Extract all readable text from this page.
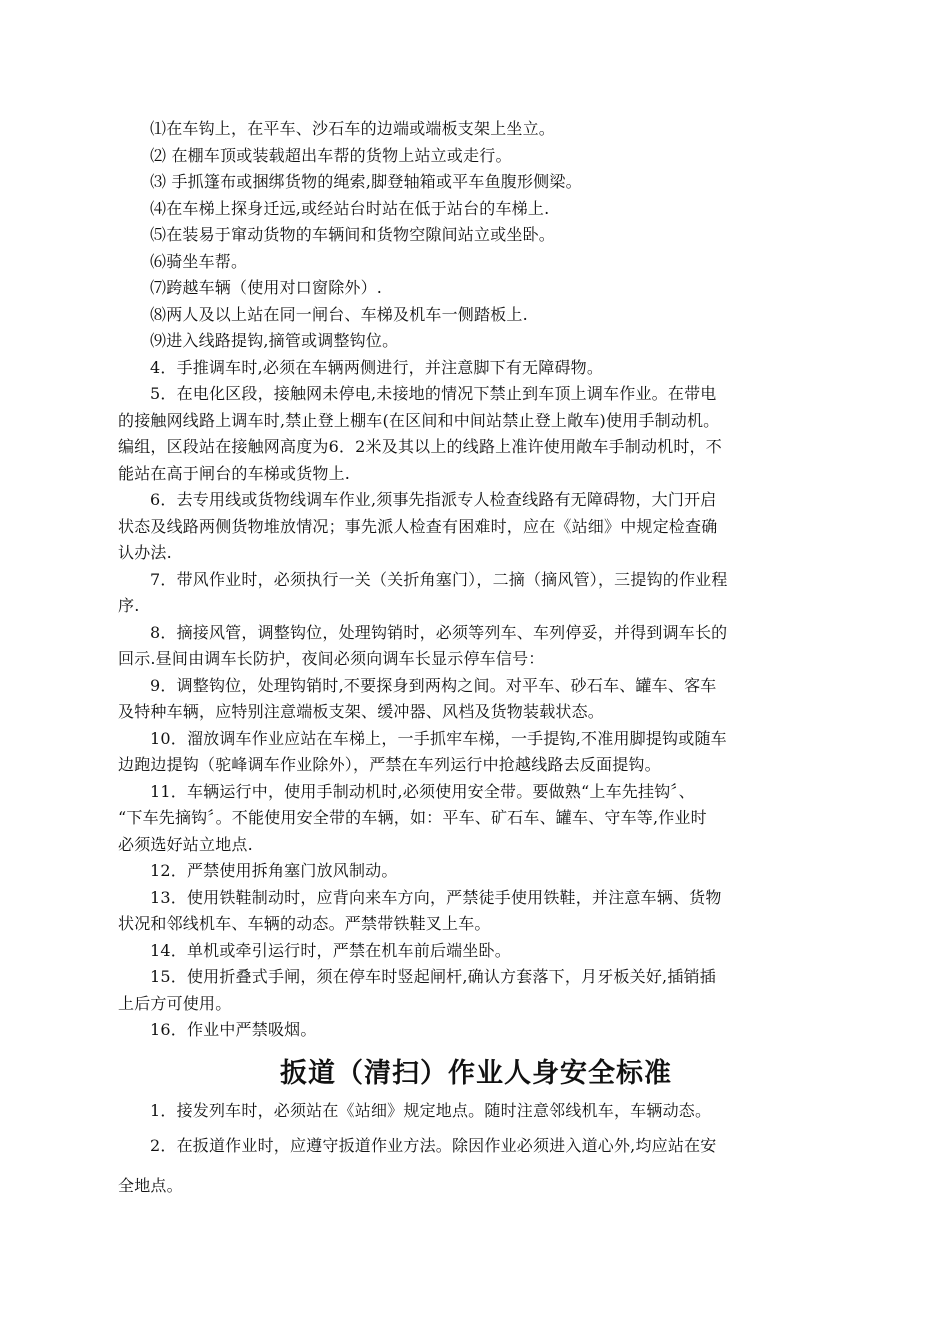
⑴在车钩上，在平车、沙石车的边端或端板支架上坐立。
⑵ 在棚车顶或装载超出车帮的货物上站立或走行。
⑶ 手抓篷布或捆绑货物的绳索,脚登轴箱或平车鱼腹形侧梁。
⑷在车梯上探身迁远,或经站台时站在低于站台的车梯上.
⑸在装易于窜动货物的车辆间和货物空隙间站立或坐卧。
⑹骑坐车帮。
⑺跨越车辆（使用对口窗除外）.
⑻两人及以上站在同一闸台、车梯及机车一侧踏板上.
⑼进入线路提钩,摘管或调整钩位。
4．手推调车时,必须在车辆两侧进行，并注意脚下有无障碍物。
5．在电化区段，接触网未停电,未接地的情况下禁止到车顶上调车作业。在带电
的接触网线路上调车时,禁止登上棚车(在区间和中间站禁止登上敞车)使用手制动机。
编组，区段站在接触网高度为6．2米及其以上的线路上准许使用敞车手制动机时，不
能站在高于闸台的车梯或货物上.
6．去专用线或货物线调车作业,须事先指派专人检查线路有无障碍物，大门开启
状态及线路两侧货物堆放情况；事先派人检查有困难时，应在《站细》中规定检查确
认办法.
7．带风作业时，必须执行一关（关折角塞门），二摘（摘风管），三提钩的作业程
序.
8．摘接风管，调整钩位，处理钩销时，必须等列车、车列停妥，并得到调车长的
回示.昼间由调车长防护，夜间必须向调车长显示停车信号：
9．调整钩位，处理钩销时,不要探身到两构之间。对平车、砂石车、罐车、客车
及特种车辆，应特别注意端板支架、缓冲器、风档及货物装载状态。
10．溜放调车作业应站在车梯上，一手抓牢车梯，一手提钩,不准用脚提钩或随车
边跑边提钩（驼峰调车作业除外），严禁在车列运行中抢越线路去反面提钩。
11．车辆运行中，使用手制动机时,必须使用安全带。要做熟“上车先挂钩〞、
“下车先摘钩〞。不能使用安全带的车辆，如：平车、矿石车、罐车、守车等,作业时
必须选好站立地点.
12．严禁使用拆角塞门放风制动。
13．使用铁鞋制动时，应背向来车方向，严禁徒手使用铁鞋，并注意车辆、货物
状况和邻线机车、车辆的动态。严禁带铁鞋叉上车。
14．单机或牵引运行时，严禁在机车前后端坐卧。
15．使用折叠式手闸，须在停车时竖起闸杆,确认方套落下，月牙板关好,插销插
上后方可使用。
16．作业中严禁吸烟。
扳道（清扫）作业人身安全标准
1．接发列车时，必须站在《站细》规定地点。随时注意邻线机车，车辆动态。
2．在扳道作业时，应遵守扳道作业方法。除因作业必须进入道心外,均应站在安
全地点。
